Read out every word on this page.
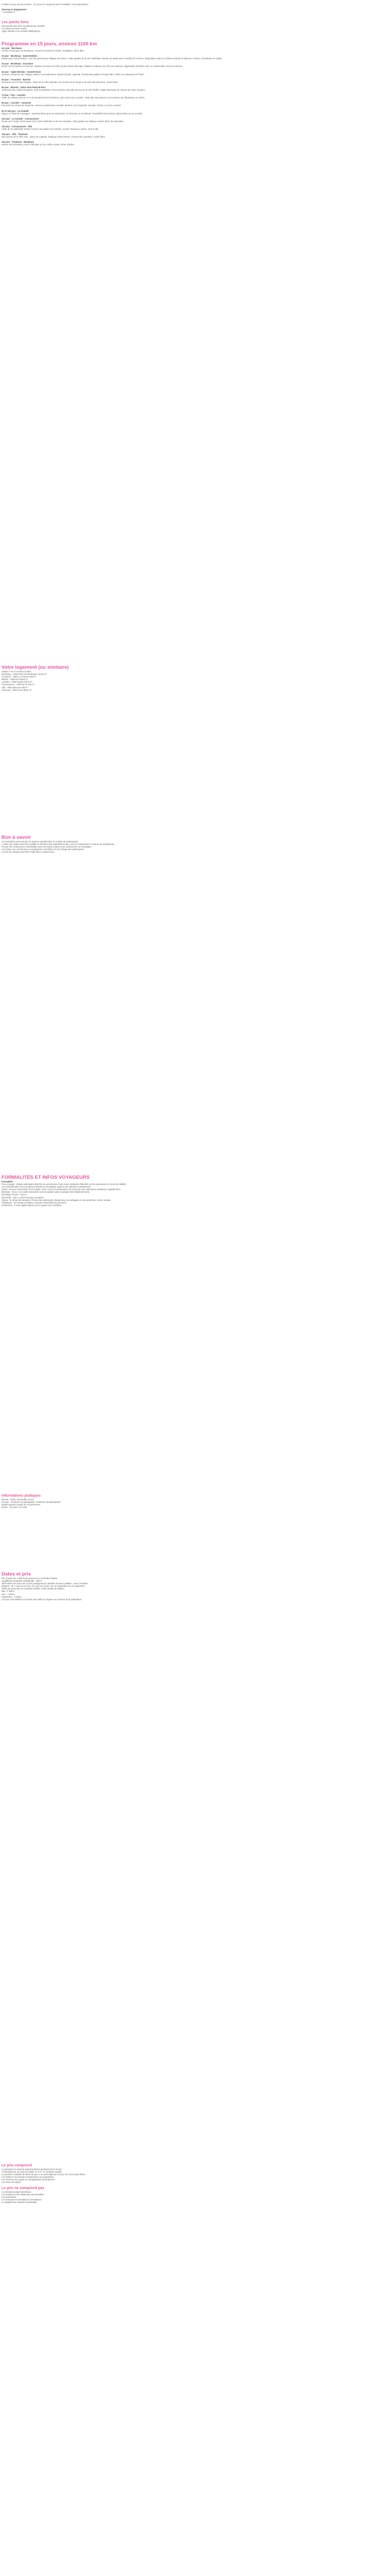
Forfait Ce pour qui sont auteur : Ce qu'on le comprend pas Formalités / Correspondance
Services et équipement
• Conseiller R
Les points forts
Découverte des sites du patrimoine mondial
La culture de notre voisin
Aglez Morlaix à La Grande Wellingtons...
Programme en 15 jours, environ 1100 km
1er jour : Bordeaux
Arrivée à l'aéroport de Bordeaux. Accueil et transfert à l'hôtel. Installation, dîner libre.
2e jour : Bordeaux - Saint-Emilion
Départ pour Saint-Emilion, l'une des plus beaux villages de France. Visite guidée de la cité médiévale classée au patrimoine mondial de l'Unesco, dégustation dans un château viticole et déjeuner. Retour à Bordeaux en soirée.
3e jour : Bordeaux - Arcachon
Route vers le bassin d'Arcachon. Montée à la dune du Pilat, la plus haute d'Europe, balade en bateau vers l'île aux Oiseaux, dégustation d'huîtres chez un ostréiculteur. Nuit à Arcachon.
4e jour : Aglez Morlaix - Grande Dune
Journée consacrée aux villages côtiers et au patrimoine naturel du parc régional. Promenade guidée et temps libre. Dîner au restaurant de l'hôtel.
5e jour : Arcachon - Biarritz
Descente vers le Pays basque. Visite de la ville impériale, du Rocher de la Vierge et du port des pêcheurs. Soirée libre.
6e jour : Biarritz - Saint-Jean-Pied-de-Port
Traversée des collines basques, arrêt à Espelette et ses piments, puis découverte de la cité fortifiée, étape historique du chemin de Saint-Jacques.
7e jour : Pau - Lourdes
Visite du château d'Henri IV et du boulevard des Pyrénées, puis route vers Lourdes. Visite des sanctuaires et procession aux flambeaux en soirée.
8e jour : Lourdes - Gavarnie
Excursion au cirque de Gavarnie, classé au patrimoine mondial. Marche vers la grande cascade. Retour et nuit à Lourdes.
9e et 10e jour : La Grande
Séjour en hôtel de montagne. Journées libres pour la randonnée, les thermes ou la détente. Possibilité d'excursions optionnelles au pic du Midi.
11e jour : La Grande - Carcassonne
Route vers l'Aude. Découverte de la Cité médiévale et de ses remparts, visite guidée du château comtal. Dîner de cassoulet.
12e jour : Carcassonne - Albi
Visite de la cathédrale Sainte-Cécile et du palais de la Berbie, musée Toulouse-Lautrec. Nuit à Albi.
13e jour : Albi - Toulouse
Découverte de la Ville rose : place du Capitole, basilique Saint-Sernin, couvent des Jacobins. Soirée libre.
14e jour : Toulouse - Bordeaux
Retour vers Bordeaux, arrêt à Moissac et son cloître roman. Dîner d'adieu.
Votre logement (ou similaire)
Hôtels 3* et 4* normes locales
Bordeaux : Hôtel Mercure Bordeaux Centre 4*
Arcachon : Hôtel Le Grand Hôtel 4*
Biarritz : Hôtel du Palais 3*
Lourdes : Hôtel Sainte-Rose 3*
Carcassonne : Hôtel de la Cité 4*
Albi : Hôtel Mercure Albi 3*
Toulouse : Hôtel Ours Blanc 3*
Bon à savoir
Les transferts sont assurés en autocar privatif selon le nombre de participants.
L'ordre des visites peut être modifié en fonction des impératifs locaux, tout en respectant le contenu du programme.
Prévoir des chaussures confortables pour les visites à pied et les randonnées en montagne.
Les repas non mentionnés au programme sont libres et à la charge des participants.
Le port du masque peut être exigé dans certains lieux.
FORMALITÉS ET INFOS VOYAGEURS
Formalités
Pour voyager, chaque participant doit être en possession d'une carte nationale d'identité ou d'un passeport en cours de validité.
Les ressortissants non européens doivent se renseigner auprès des autorités compétentes.
Santé : aucune vaccination n'est exigée. Nous vous recommandons de souscrire une assurance assistance rapatriement.
Monnaie : l'euro. Les cartes bancaires sont acceptées dans la plupart des établissements.
Décalage horaire : aucun.
Électricité : 220 V, prises de type européen.
Climat : le climat est tempéré. Prévoir des vêtements chauds pour la montagne et une protection contre la pluie.
Téléphone : les réseaux mobiles couvrent l'ensemble du parcours.
Pourboires : à votre appréciation pour le guide et le chauffeur.
Informations pratiques
Niveau : facile, accessible à tous
Groupe : minimum 10 participants, maximum 30 participants
Départ garanti à partir de 10 personnes
Durée : 15 jours / 14 nuits
Dates et prix
Prix à partir de 2 390 € par personne en chambre double
Supplément chambre individuelle : 590 €
Tarif enfant de moins de 12 ans partageant la chambre de deux adultes : nous consulter
Départs : du 7 mai au 21 mai, du 4 juin au 18 juin, du 10 septembre au 24 septembre
Tarifs par personne en chambre double, selon la date de départ :
Mai : 2 390 €
Juin : 2 490 €
Septembre : 2 450 €
Les prix sont établis sur la base des tarifs en vigueur au moment de la publication.
Le prix comprend
Le transport en autocar grand tourisme pendant tout le circuit
L'hébergement 14 nuits en hôtels 3* et 4* en chambre double
La pension complète du dîner du jour 1 au petit-déjeuner du jour 15, hors repas libres
Les visites et excursions mentionnées au programme
Les services d'un guide accompagnateur francophone
Les taxes de séjour
Le prix ne comprend pas
Le transport jusqu'à Bordeaux
Les boissons et les dépenses personnelles
Les pourboires
Les assurances annulation et assistance
Le supplément chambre individuelle
